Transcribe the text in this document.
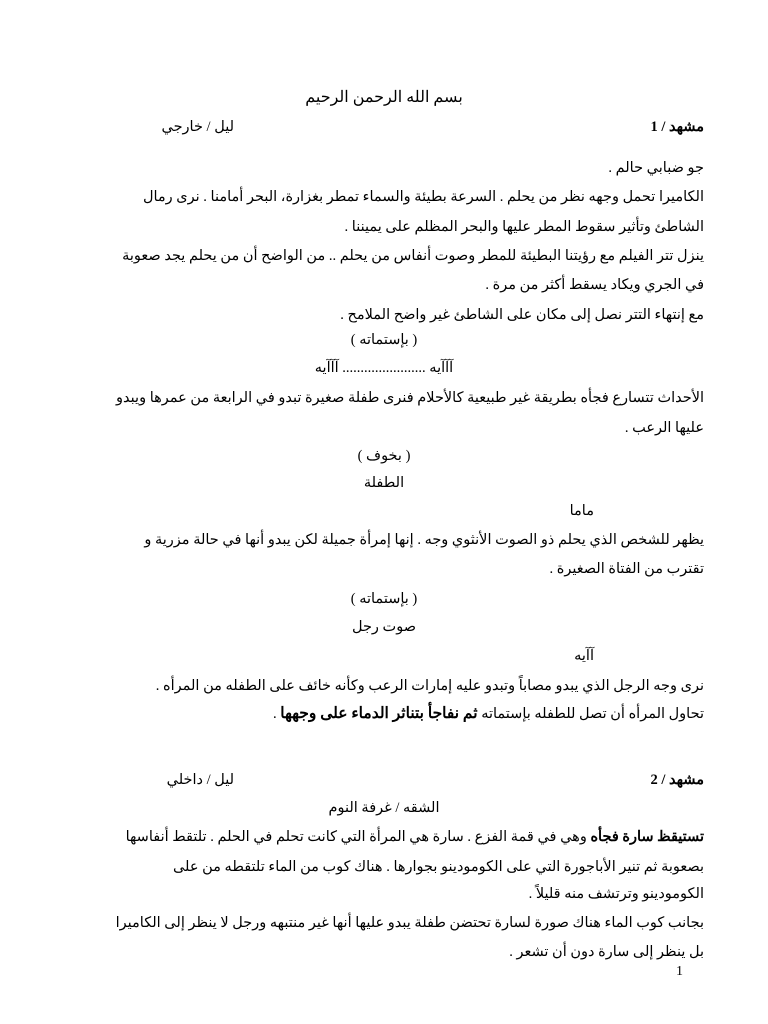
بسم الله الرحمن الرحيم
مشهد / 1
ليل / خارجي
جو ضبابي حالم .
الكاميرا تحمل وجهه نظر من يحلم . السرعة بطيئة والسماء تمطر بغزارة، البحر أمامنا . نرى رمال
الشاطئ وتأثير سقوط المطر عليها والبحر المظلم على يميننا .
ينزل تتر الفيلم مع رؤيتنا البطيئة للمطر وصوت أنفاس من يحلم .. من الواضح أن من يحلم يجد صعوبة
في الجري ويكاد يسقط أكثر من مرة .
مع إنتهاء التتر نصل إلى مكان على الشاطئ غير واضح الملامح .
( بإستماته )
آآآيه ....................... آآآيه
الأحداث تتسارع فجأه بطريقة غير طبيعية كالأحلام فنرى طفلة صغيرة تبدو في الرابعة من عمرها ويبدو
عليها الرعب .
( بخوف )
الطفلة
ماما
يظهر للشخص الذي يحلم ذو الصوت الأنثوي وجه . إنها إمرأة جميلة لكن يبدو أنها في حالة مزرية و
تقترب من الفتاة الصغيرة .
( بإستماته )
صوت رجل
آآيه
نرى وجه الرجل الذي يبدو مصاباً وتبدو عليه إمارات الرعب وكأنه خائف على الطفله من المرأه .
تحاول المرأه أن تصل للطفله بإستماته ثم نفاجأ بتناثر الدماء على وجهها .
مشهد / 2
ليل / داخلي
الشقه / غرفة النوم
تستيقظ سارة فجأه وهي في قمة الفزع . سارة هي المرأة التي كانت تحلم في الحلم . تلتقط أنفاسها
بصعوبة ثم تنير الأباجورة التي على الكومودينو بجوارها . هناك كوب من الماء تلتقطه من على
الكومودينو وترتشف منه قليلاً .
بجانب كوب الماء هناك صورة لسارة تحتضن طفلة يبدو عليها أنها غير منتبهه ورجل لا ينظر إلى الكاميرا
بل ينظر إلى سارة دون أن تشعر .
1
